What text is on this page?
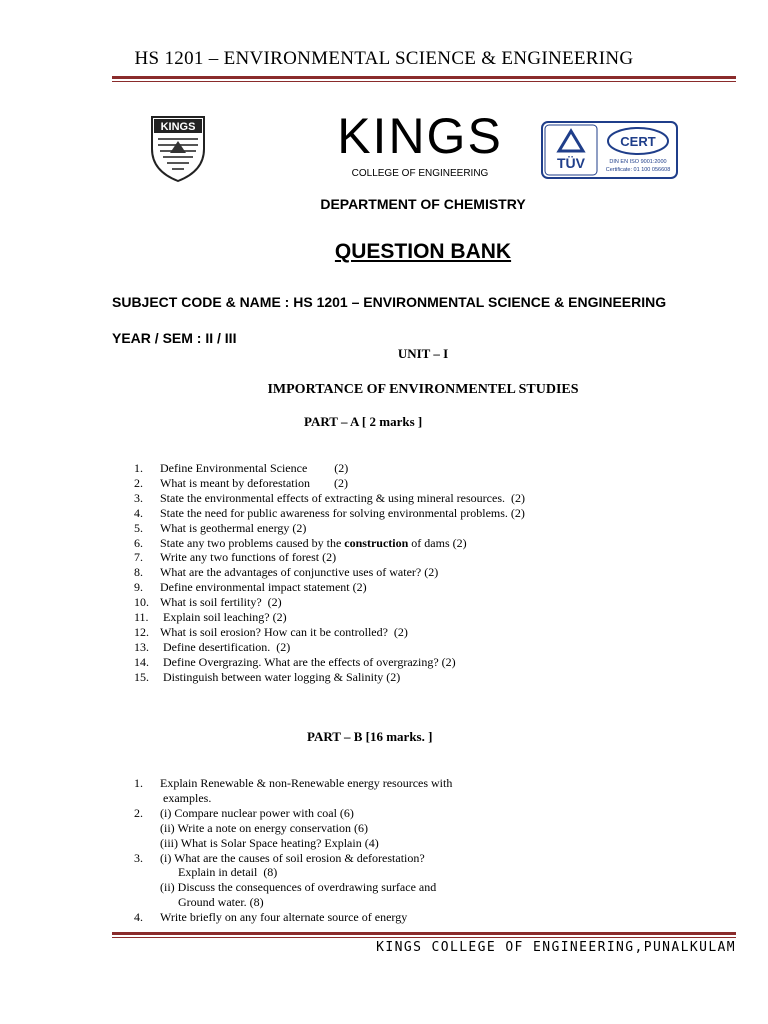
HS 1201 – ENVIRONMENTAL SCIENCE & ENGINEERING
KINGS	KINGS
COLLEGE OF ENGINEERING
TÜV
CERT
DIN EN ISO 9001:2000
Certificate: 01 100 056608
DEPARTMENT OF CHEMISTRY
QUESTION BANK
SUBJECT CODE & NAME : HS 1201 – ENVIRONMENTAL SCIENCE & ENGINEERING
YEAR / SEM : II / III
UNIT – I
IMPORTANCE OF ENVIRONMENTEL STUDIES
PART – A [ 2 marks ]
1.	Define Environmental Science         (2)
2.	What is meant by deforestation        (2)
3.	State the environmental effects of extracting & using mineral resources.  (2)
4.	State the need for public awareness for solving environmental problems. (2)
5.	What is geothermal energy (2)
6.	State any two problems caused by the construction of dams (2)
7.	Write any two functions of forest (2)
8.	What are the advantages of conjunctive uses of water? (2)
9.	Define environmental impact statement (2)
10. What is soil fertility?  (2)
11. Explain soil leaching? (2)
12. What is soil erosion? How can it be controlled?  (2)
13. Define desertification.  (2)
14. Define Overgrazing. What are the effects of overgrazing? (2)
15. Distinguish between water logging & Salinity (2)
PART – B [16 marks. ]
1.	Explain Renewable & non-Renewable energy resources with
examples.
2.	(i) Compare nuclear power with coal (6)
(ii) Write a note on energy conservation (6)
(iii) What is Solar Space heating? Explain (4)
3.	(i) What are the causes of soil erosion & deforestation?
Explain in detail  (8)
(ii) Discuss the consequences of overdrawing surface and
Ground water. (8)
4.	Write briefly on any four alternate source of energy
KINGS COLLEGE OF ENGINEERING,PUNALKULAM
